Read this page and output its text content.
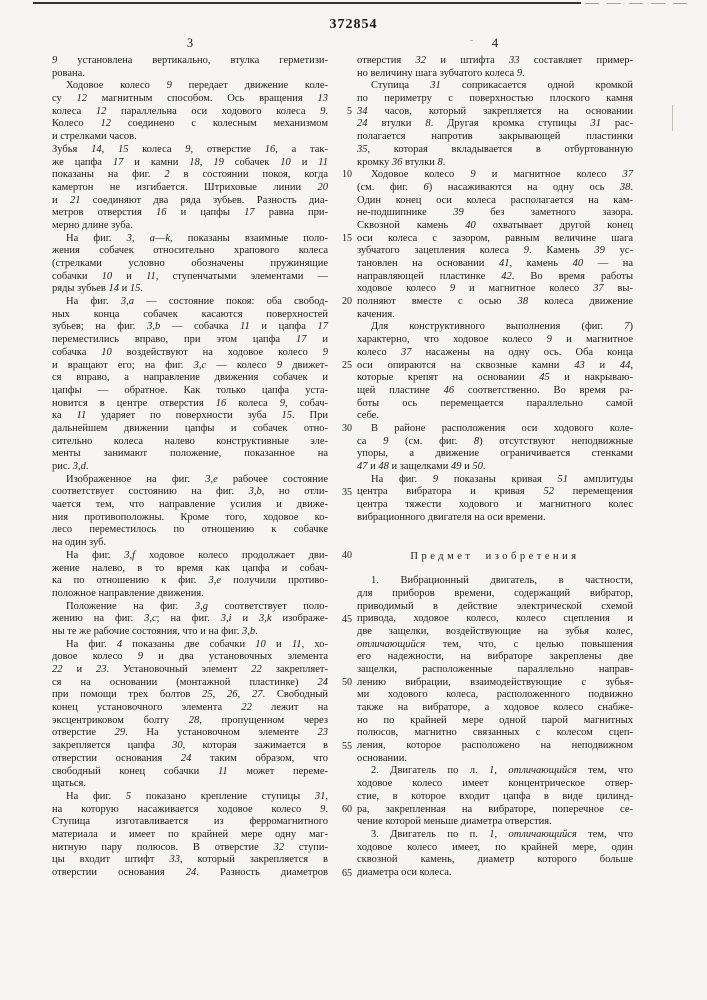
372854
3	4
9 установлена вертикально, втулка герметизи-
рована.
Ходовое колесо 9 передает движение коле-
су 12 магнитным способом. Ось вращения 13
колеса 12 параллельна оси ходового колеса 9.
Колесо 12 соединено с колесным механизмом
и стрелками часов.
Зубья 14, 15 колеса 9, отверстие 16, а так-
же цапфа 17 и камни 18, 19 собачек 10 и 11
показаны на фиг. 2 в состоянии покоя, когда
камертон не изгибается. Штриховые линии 20
и 21 соединяют два ряда зубьев. Разность диа-
метров отверстия 16 и цапфы 17 равна при-
мерно длине зуба.
На фиг. 3, a—k, показаны взаимные поло-
жения собачек относительно храпового колеса
(стрелками условно обозначены пружинящие
собачки 10 и 11, ступенчатыми элементами —
ряды зубьев 14 и 15.
На фиг. 3,a — состояние покоя: оба свобод-
ных конца собачек касаются поверхностей
зубьев; на фиг. 3,b — собачка 11 и цапфа 17
переместились вправо, при этом цапфа 17 и
собачка 10 воздействуют на ходовое колесо 9
и вращают его; на фиг. 3,c — колесо 9 движет-
ся вправо, а направление движения собачек и
цапфы — обратное. Как только цапфа уста-
новится в центре отверстия 16 колеса 9, собач-
ка 11 ударяет по поверхности зуба 15. При
дальнейшем движении цапфы и собачек отно-
сительно колеса налево конструктивные эле-
менты занимают положение, показанное на
рис. 3,d.
Изображенное на фиг. 3,e рабочее состояние
соответствует состоянию на фиг. 3,b, но отли-
чается тем, что направление усилия и движе-
ния противоположны. Кроме того, ходовое ко-
лесо переместилось по отношению к собачке
на один зуб.
На фиг. 3,f ходовое колесо продолжает дви-
жение налево, в то время как цапфа и собач-
ка по отношению к фиг. 3,e получили противо-
положное направление движения.
Положение на фиг. 3,g соответствует поло-
жению на фиг. 3,c; на фиг. 3,i и 3,k изображе-
ны те же рабочие состояния, что и на фиг. 3,b.
На фиг. 4 показаны две собачки 10 и 11, хо-
довое колесо 9 и два установочных элемента
22 и 23. Установочный элемент 22 закрепляет-
ся на основании (монтажной пластинке) 24
при помощи трех болтов 25, 26, 27. Свободный
конец установочного элемента 22 лежит на
эксцентриковом болту 28, пропущенном через
отверстие 29. На установочном элементе 23
закрепляется цапфа 30, которая зажимается в
отверстии основания 24 таким образом, что
свободный конец собачки 11 может переме-
щаться.
На фиг. 5 показано крепление ступицы 31,
на которую насаживается ходовое колесо 9.
Ступица изготавливается из ферромагнитного
материала и имеет по крайней мере одну маг-
нитную пару полюсов. В отверстие 32 ступи-
цы входит штифт 33, который закрепляется в
отверстии основания 24. Разность диаметров
отверстия 32 и штифта 33 составляет пример-
но величину шага зубчатого колеса 9.
Ступица 31 соприкасается одной кромкой
по периметру с поверхностью плоского камня
34 часов, который закрепляется на основании
24 втулки 8. Другая кромка ступицы 31 рас-
полагается напротив закрывающей пластинки
35, которая вкладывается в отбуртованную
кромку 36 втулки 8.
Ходовое колесо 9 и магнитное колесо 37
(см. фиг. 6) насаживаются на одну ось 38.
Один конец оси колеса располагается на кам-
не-подшипнике 39 без заметного зазора.
Сквозной камень 40 охватывает другой конец
оси колеса с зазором, равным величине шага
зубчатого зацепления колеса 9. Камень 39 ус-
тановлен на основании 41, камень 40 — на
направляющей пластинке 42. Во время работы
ходовое колесо 9 и магнитное колесо 37 вы-
полняют вместе с осью 38 колеса движение
качения.
Для конструктивного выполнения (фиг. 7)
характерно, что ходовое колесо 9 и магнитное
колесо 37 насажены на одну ось. Оба конца
оси опираются на сквозные камни 43 и 44,
которые крепят на основании 45 и накрываю-
щей пластине 46 соответственно. Во время ра-
боты ось перемещается параллельно самой
себе.
В районе расположения оси ходового коле-
са 9 (см. фиг. 8) отсутствуют неподвижные
упоры, а движение ограничивается стенками
47 и 48 и защелками 49 и 50.
На фиг. 9 показаны кривая 51 амплитуды
центра вибратора и кривая 52 перемещения
центра тяжести ходового и магнитного колес
вибрационного двигателя на оси времени.
Предмет изобретения
1. Вибрационный двигатель, в частности,
для приборов времени, содержащий вибратор,
приводимый в действие электрической схемой
привода, ходовое колесо, колесо сцепления и
две защелки, воздействующие на зубья колес,
отличающийся тем, что, с целью повышения
его надежности, на вибраторе закреплены две
защелки, расположенные параллельно направ-
лению вибрации, взаимодействующие с зубья-
ми ходового колеса, расположенного подвижно
также на вибраторе, а ходовое колесо снабже-
но по крайней мере одной парой магнитных
полюсов, магнитно связанных с колесом сцеп-
ления, которое расположено на неподвижном
основании.
2. Двигатель по л. 1, отличающийся тем, что
ходовое колесо имеет концентрическое отвер-
стие, в которое входит цапфа в виде цилинд-
ра, закрепленная на вибраторе, поперечное се-
чение которой меньше диаметра отверстия.
3. Двигатель по п. 1, отличающийся тем, что
ходовое колесо имеет, по крайней мере, один
сквозной камень, диаметр которого больше
диаметра оси колеса.
5
10
15
20
25
30
35
40
45
50
55
60
65
